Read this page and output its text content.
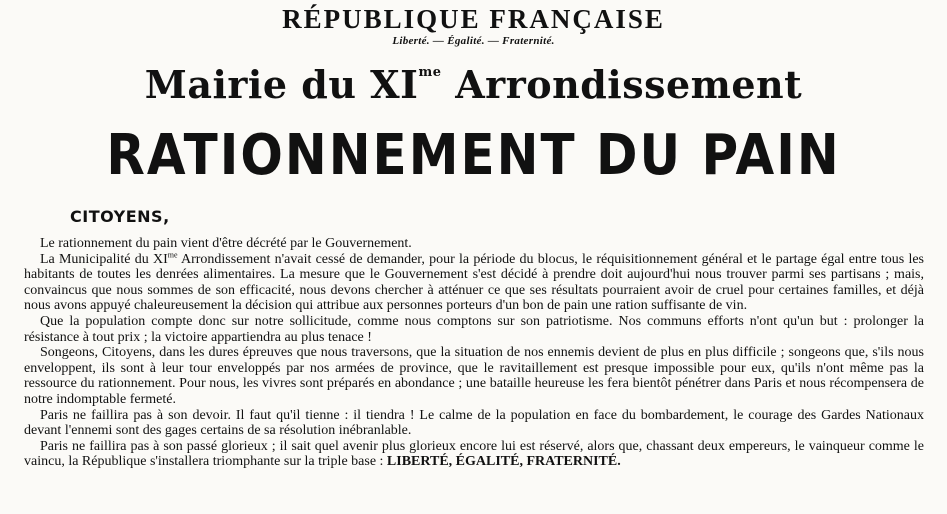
RÉPUBLIQUE FRANÇAISE
Liberté. — Égalité. — Fraternité.
Mairie du $XI^{me}$ Arrondissement
RATIONNEMENT DU PAIN
CITOYENS,

Le rationnement du pain vient d'être décrété par le Gouvernement.

La Municipalité du $XI^{me}$ Arrondissement n'avait cessé de demander, pour la période du blocus, le réquisitionnement général et le partage égal entre tous les habitants de toutes les denrées alimentaires. La mesure que le Gouvernement s'est décidé à prendre doit aujourd'hui nous trouver parmi ses partisans ; mais, convaincus que nous sommes de son efficacité, nous devons chercher à atténuer ce que ses résultats pourraient avoir de cruel pour certaines familles, et déjà nous avons appuyé chaleureusement la décision qui attribue aux personnes porteurs d'un bon de pain une ration suffisante de vin.

Que la population compte donc sur notre sollicitude, comme nous comptons sur son patriotisme. Nos communs efforts n'ont qu'un but : prolonger la résistance à tout prix ; la victoire appartiendra au plus tenace !

Songeons, Citoyens, dans les dures épreuves que nous traversons, que la situation de nos ennemis devient de plus en plus difficile ; songeons que, s'ils nous enveloppent, ils sont à leur tour enveloppés par nos armées de province, que le ravitaillement est presque impossible pour eux, qu'ils n'ont même pas la ressource du rationnement. Pour nous, les vivres sont préparés en abondance ; une bataille heureuse les fera bientôt pénétrer dans Paris et nous récompensera de notre indomptable fermeté.

Paris ne faillira pas à son devoir. Il faut qu'il tienne : il tiendra ! Le calme de la population en face du bombardement, le courage des Gardes Nationaux devant l'ennemi sont des gages certains de sa résolution inébranlable.

Paris ne faillira pas à son passé glorieux ; il sait quel avenir plus glorieux encore lui est réservé, alors que, chassant deux empereurs, le vainqueur comme le vaincu, la République s'installera triomphante sur la triple base : LIBERTÉ, ÉGALITÉ, FRATERNITÉ.
